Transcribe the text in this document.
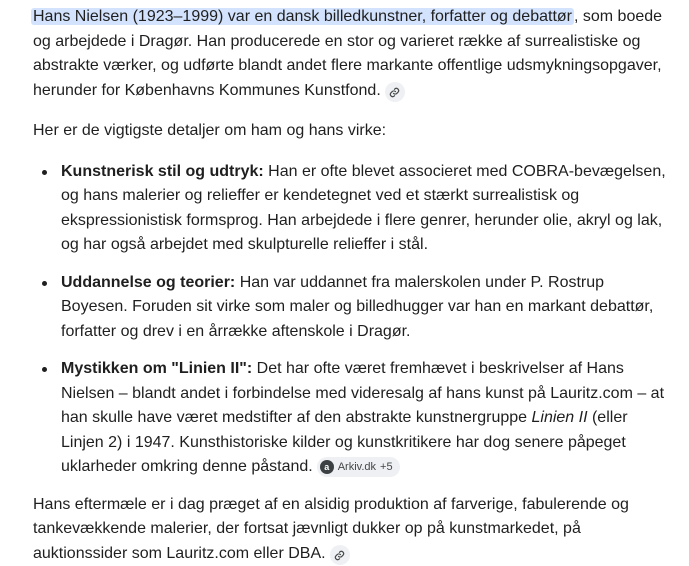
Hans Nielsen (1923–1999) var en dansk billedkunstner, forfatter og debattør , som boede og arbejdede i Dragør. Han producerede en stor og varieret række af surrealistiske og abstrakte værker, og udførte blandt andet flere markante offentlige udsmykningsopgaver, herunder for Københavns Kommunes Kunstfond.

Her er de vigtigste detaljer om ham og hans virke:

Kunstnerisk stil og udtryk: Han er ofte blevet associeret med COBRA-bevægelsen, og hans malerier og relieffer er kendetegnet ved et stærkt surrealistisk og ekspressionistisk formsprog. Han arbejdede i flere genrer, herunder olie, akryl og lak, og har også arbejdet med skulpturelle relieffer i stål.
Uddannelse og teorier: Han var uddannet fra malerskolen under P. Rostrup Boyesen. Foruden sit virke som maler og billedhugger var han en markant debattør, forfatter og drev i en årrække aftenskole i Dragør.
Mystikken om "Linien II": Det har ofte været fremhævet i beskrivelser af Hans Nielsen – blandt andet i forbindelse med videresalg af hans kunst på Lauritz.com – at han skulle have været medstifter af den abstrakte kunstnergruppe Linien II (eller Linjen 2) i 1947. Kunsthistoriske kilder og kunstkritikere har dog senere påpeget uklarheder omkring denne påstand.	a Arkiv.dk +5

Hans eftermæle er i dag præget af en alsidig produktion af farverige, fabulerende og tankevækkende malerier, der fortsat jævnligt dukker op på kunstmarkedet, på auktionssider som Lauritz.com eller DBA.
